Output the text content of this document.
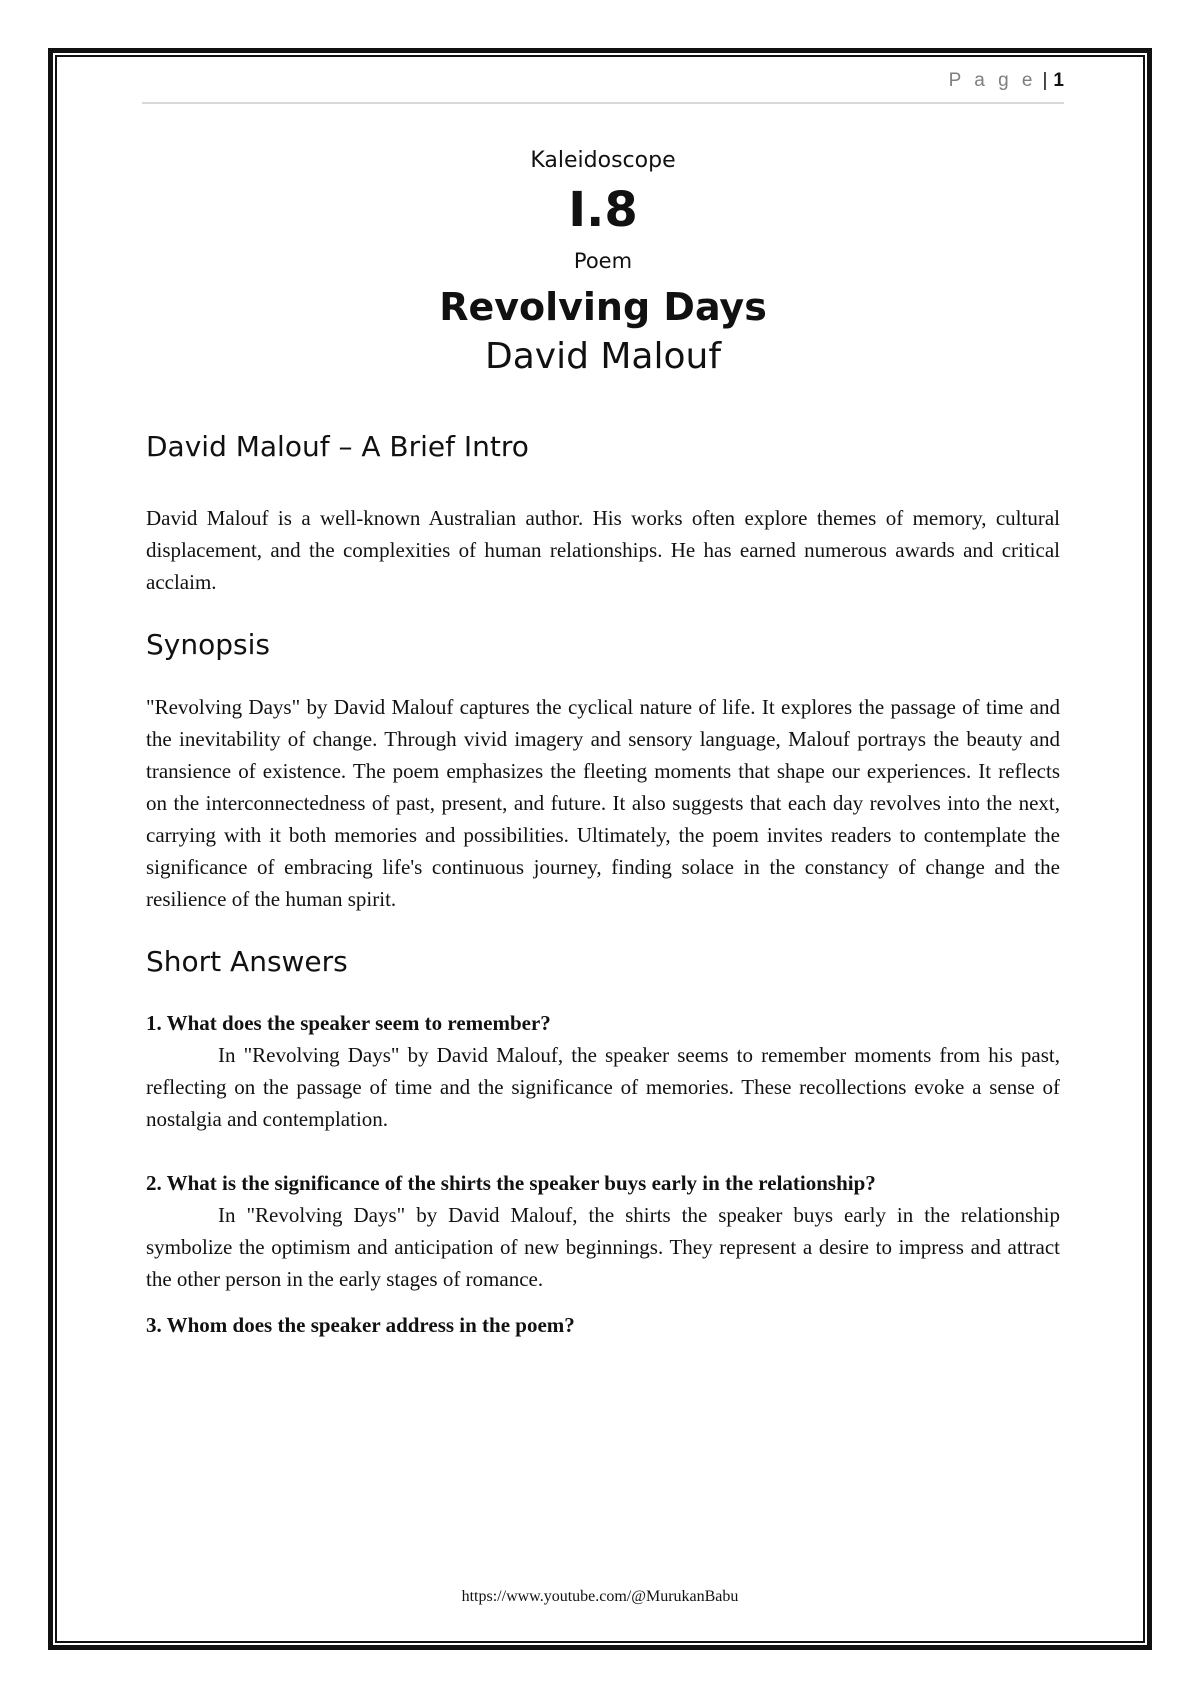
P a g e | 1
Kaleidoscope
I.8
Poem
Revolving Days
David Malouf
David Malouf – A Brief Intro

David Malouf is a well-known Australian author. His works often explore themes of memory, cultural displacement, and the complexities of human relationships. He has earned numerous awards and critical acclaim.

Synopsis

"Revolving Days" by David Malouf captures the cyclical nature of life. It explores the passage of time and the inevitability of change. Through vivid imagery and sensory language, Malouf portrays the beauty and transience of existence. The poem emphasizes the fleeting moments that shape our experiences. It reflects on the interconnectedness of past, present, and future. It also suggests that each day revolves into the next, carrying with it both memories and possibilities. Ultimately, the poem invites readers to contemplate the significance of embracing life's continuous journey, finding solace in the constancy of change and the resilience of the human spirit.

Short Answers
1. What does the speaker seem to remember?

In "Revolving Days" by David Malouf, the speaker seems to remember moments from his past, reflecting on the passage of time and the significance of memories. These recollections evoke a sense of nostalgia and contemplation.

2. What is the significance of the shirts the speaker buys early in the relationship?

In "Revolving Days" by David Malouf, the shirts the speaker buys early in the relationship symbolize the optimism and anticipation of new beginnings. They represent a desire to impress and attract the other person in the early stages of romance.

3. Whom does the speaker address in the poem?
https://www.youtube.com/@MurukanBabu
